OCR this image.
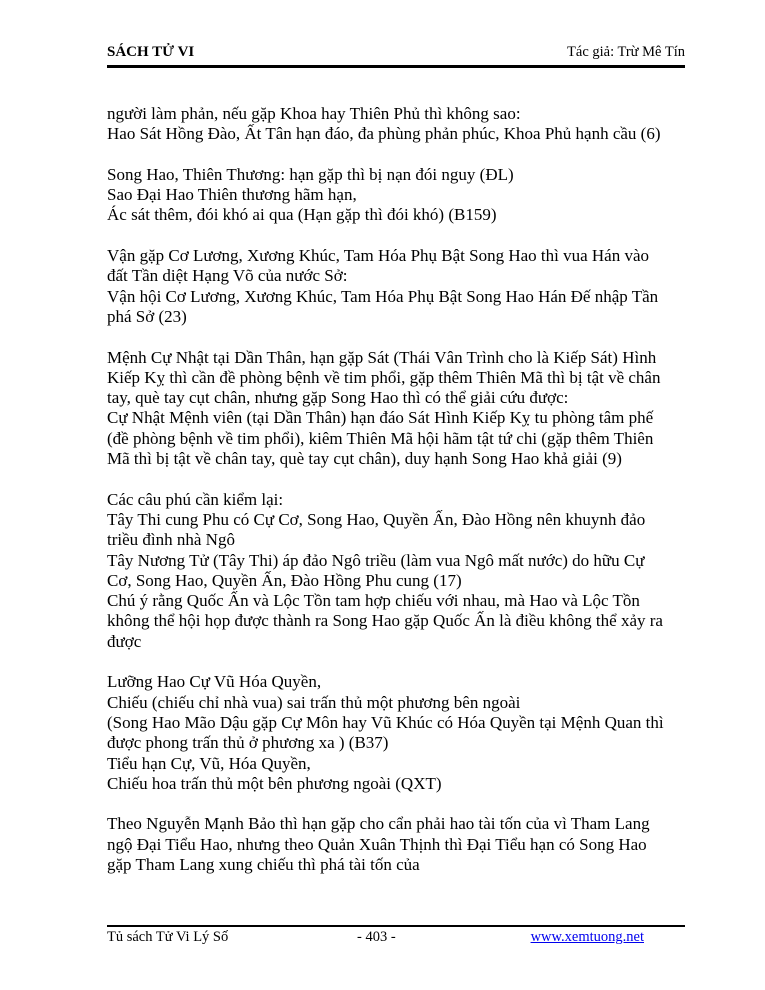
SÁCH TỬ VI	Tác giả: Trừ Mê Tín
người làm phản, nếu gặp Khoa hay Thiên Phủ thì không sao:
Hao Sát Hồng Đào, Ất Tân hạn đáo, đa phùng phản phúc, Khoa Phủ hạnh cầu (6)
Song Hao, Thiên Thương: hạn gặp thì bị nạn đói nguy (ĐL)
Sao Đại Hao Thiên thương hãm hạn,
Ác sát thêm, đói khó ai qua (Hạn gặp thì đói khó) (B159)
Vận gặp Cơ Lương, Xương Khúc, Tam Hóa Phụ Bật Song Hao thì vua Hán vào
đất Tần diệt Hạng Võ của nước Sở:
Vận hội Cơ Lương, Xương Khúc, Tam Hóa Phụ Bật Song Hao Hán Đế nhập Tần
phá Sở (23)
Mệnh Cự Nhật tại Dần Thân, hạn gặp Sát (Thái Vân Trình cho là Kiếp Sát) Hình
Kiếp Kỵ thì cần đề phòng bệnh về tim phổi, gặp thêm Thiên Mã thì bị tật về chân
tay, què tay cụt chân, nhưng gặp Song Hao thì có thể giải cứu được:
Cự Nhật Mệnh viên (tại Dần Thân) hạn đáo Sát Hình Kiếp Kỵ tu phòng tâm phế
(đề phòng bệnh về tim phổi), kiêm Thiên Mã hội hãm tật tứ chi (gặp thêm Thiên
Mã thì bị tật về chân tay, què tay cụt chân), duy hạnh Song Hao khả giải (9)
Các câu phú cần kiểm lại:
Tây Thi cung Phu có Cự Cơ, Song Hao, Quyền Ấn, Đào Hồng nên khuynh đảo
triều đình nhà Ngô
Tây Nương Tử (Tây Thi) áp đảo Ngô triều (làm vua Ngô mất nước) do hữu Cự
Cơ, Song Hao, Quyền Ấn, Đào Hồng Phu cung (17)
Chú ý rằng Quốc Ấn và Lộc Tồn tam hợp chiếu với nhau, mà Hao và Lộc Tồn
không thể hội họp được thành ra Song Hao gặp Quốc Ấn là điều không thể xảy ra
được
Lưỡng Hao Cự Vũ Hóa Quyền,
Chiếu (chiếu chỉ nhà vua) sai trấn thủ một phương bên ngoài
(Song Hao Mão Dậu gặp Cự Môn hay Vũ Khúc có Hóa Quyền tại Mệnh Quan thì
được phong trấn thủ ở phương xa ) (B37)
Tiểu hạn Cự, Vũ, Hóa Quyền,
Chiếu hoa trấn thủ một bên phương ngoài (QXT)
Theo Nguyễn Mạnh Bảo thì hạn gặp cho cẩn phải hao tài tốn của vì Tham Lang
ngộ Đại Tiểu Hao, nhưng theo Quản Xuân Thịnh thì Đại Tiểu hạn có Song Hao
gặp Tham Lang xung chiếu thì phá tài tốn của
Tủ sách Tử Vi Lý Số	- 403 -	www.xemtuong.net
